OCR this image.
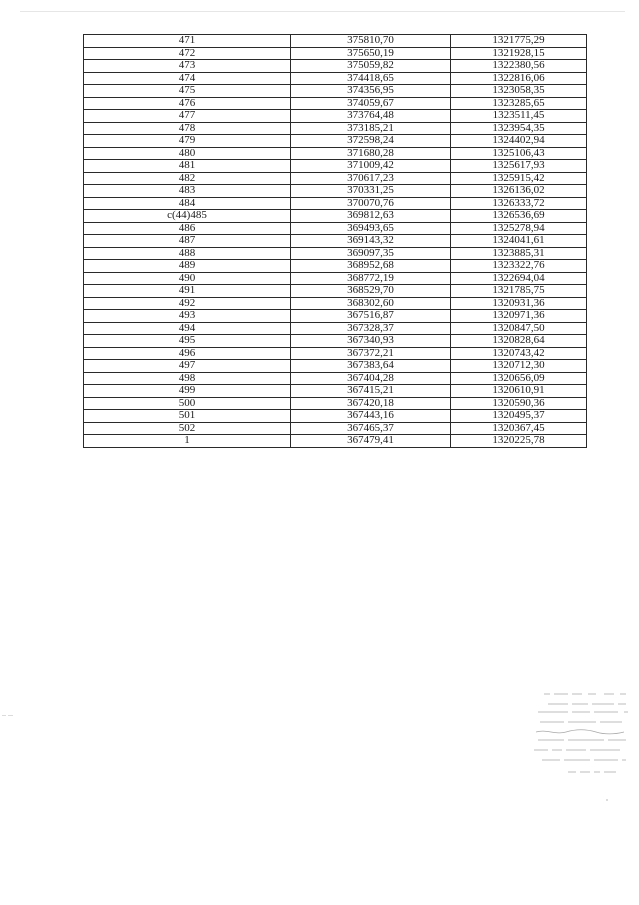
471	375810,70	1321775,29
472	375650,19	1321928,15
473	375059,82	1322380,56
474	374418,65	1322816,06
475	374356,95	1323058,35
476	374059,67	1323285,65
477	373764,48	1323511,45
478	373185,21	1323954,35
479	372598,24	1324402,94
480	371680,28	1325106,43
481	371009,42	1325617,93
482	370617,23	1325915,42
483	370331,25	1326136,02
484	370070,76	1326333,72
c(44)485	369812,63	1326536,69
486	369493,65	1325278,94
487	369143,32	1324041,61
488	369097,35	1323885,31
489	368952,68	1323322,76
490	368772,19	1322694,04
491	368529,70	1321785,75
492	368302,60	1320931,36
493	367516,87	1320971,36
494	367328,37	1320847,50
495	367340,93	1320828,64
496	367372,21	1320743,42
497	367383,64	1320712,30
498	367404,28	1320656,09
499	367415,21	1320610,91
500	367420,18	1320590,36
501	367443,16	1320495,37
502	367465,37	1320367,45
1	367479,41	1320225,78
